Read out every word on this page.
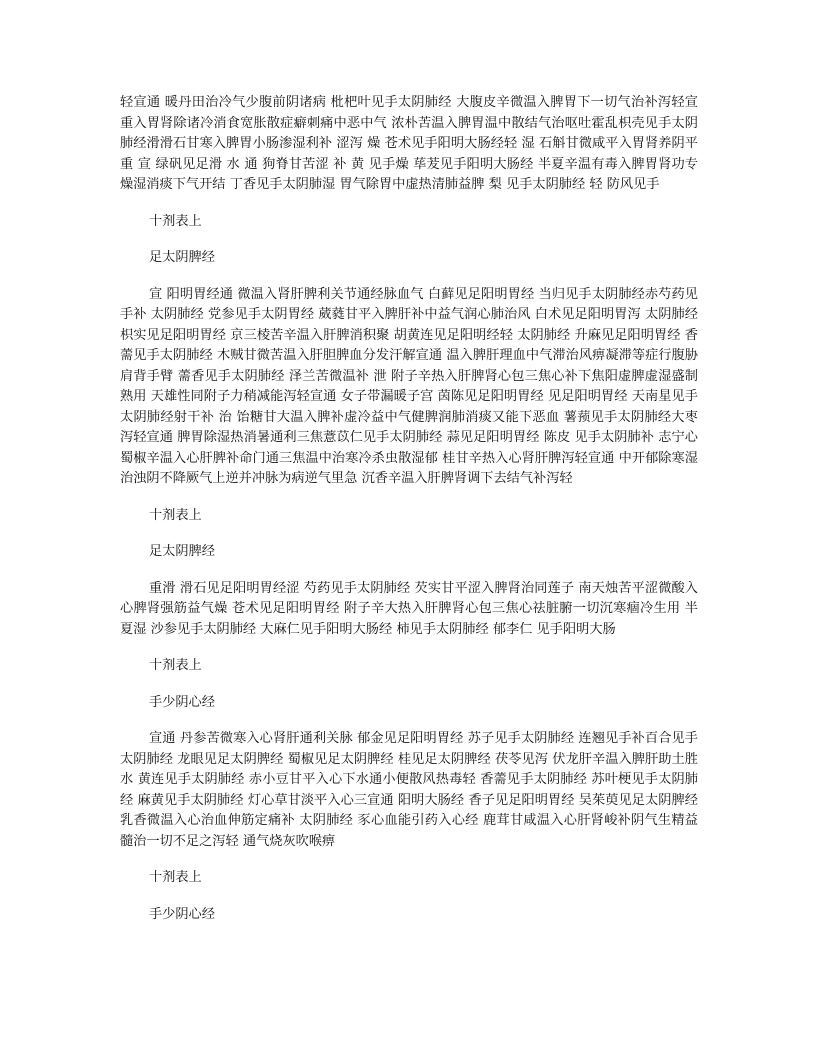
轻宣通 暖丹田治冷气少腹前阴诸病 枇杷叶见手太阴肺经 大腹皮辛微温入脾胃下一切气治补泻轻宣 重入胃肾除诸冷消食宽胀散症癖刺痛中恶中气 浓朴苦温入脾胃温中散结气治呕吐霍乱枳壳见手太阴肺经滑滑石甘寒入脾胃小肠渗湿利补 涩泻 燥 苍术见手阳明大肠经轻 湿 石斛甘微咸平入胃肾养阴平重 宣 绿矾见足滑 水 通 狗脊甘苦涩 补 黄 见手燥 荜茇见手阳明大肠经 半夏辛温有毒入脾胃肾功专燥湿消痰下气开结 丁香见手太阴肺湿 胃气除胃中虚热清肺益脾 梨 见手太阴肺经 轻 防风见手

十剂表上

足太阴脾经

宣 阳明胃经通 微温入肾肝脾利关节通经脉血气 白藓见足阳明胃经 当归见手太阴肺经赤芍药见手补 太阴肺经 党参见手太阴胃经 葳蕤甘平入脾肝补中益气润心肺治风 白术见足阳明胃泻 太阴肺经 枳实见足阳明胃经 京三棱苦辛温入肝脾消积聚 胡黄连见足阳明经轻 太阴肺经 升麻见足阳明胃经 香薷见手太阴肺经 木贼甘微苦温入肝胆脾血分发汗解宣通 温入脾肝理血中气滞治风痹凝滞等症行腹胁肩背手臂 薷香见手太阴肺经 泽兰苦微温补 泄 附子辛热入肝脾肾心包三焦心补下焦阳虚脾虚湿盛制熟用 天雄性同附子力稍减能泻轻宣通 女子带漏暖子宫 茵陈见足阳明胃经 见足阳明胃经 天南星见手太阴肺经射干补 治 饴糖甘大温入脾补虚冷益中气健脾润肺消痰又能下恶血 薯蓣见手太阴肺经大枣泻轻宣通 脾胃除湿热消暑通利三焦薏苡仁见手太阴肺经 蒜见足阳明胃经 陈皮 见手太阴肺补 志宁心 蜀椒辛温入心肝脾补命门通三焦温中治寒冷杀虫散湿郁 桂甘辛热入心肾肝脾泻轻宣通 中开郁除寒湿治浊阴不降厥气上逆并冲脉为病逆气里急 沉香辛温入肝脾肾调下去结气补泻轻

十剂表上

足太阴脾经

重滑 滑石见足阳明胃经涩 芍药见手太阴肺经 芡实甘平涩入脾肾治同莲子 南天烛苦平涩微酸入心脾肾强筋益气燥 苍术见足阳明胃经 附子辛大热入肝脾肾心包三焦心祛脏腑一切沉寒痼冷生用 半夏湿 沙参见手太阴肺经 大麻仁见手阳明大肠经 柿见手太阴肺经 郁李仁 见手阳明大肠

十剂表上

手少阴心经

宣通 丹参苦微寒入心肾肝通利关脉 郁金见足阳明胃经 苏子见手太阴肺经 连翘见手补百合见手太阴肺经 龙眼见足太阴脾经 蜀椒见足太阴脾经 桂见足太阴脾经 茯苓见泻 伏龙肝辛温入脾肝助土胜水 黄连见手太阴肺经 赤小豆甘平入心下水通小便散风热毒轻 香薷见手太阴肺经 苏叶梗见手太阴肺经 麻黄见手太阴肺经 灯心草甘淡平入心三宣通 阳明大肠经 香子见足阳明胃经 吴茱萸见足太阴脾经 乳香微温入心治血伸筋定痛补 太阴肺经 豕心血能引药入心经 鹿茸甘咸温入心肝肾峻补阴气生精益髓治一切不足之泻轻 通气烧灰吹喉痹

十剂表上

手少阴心经
